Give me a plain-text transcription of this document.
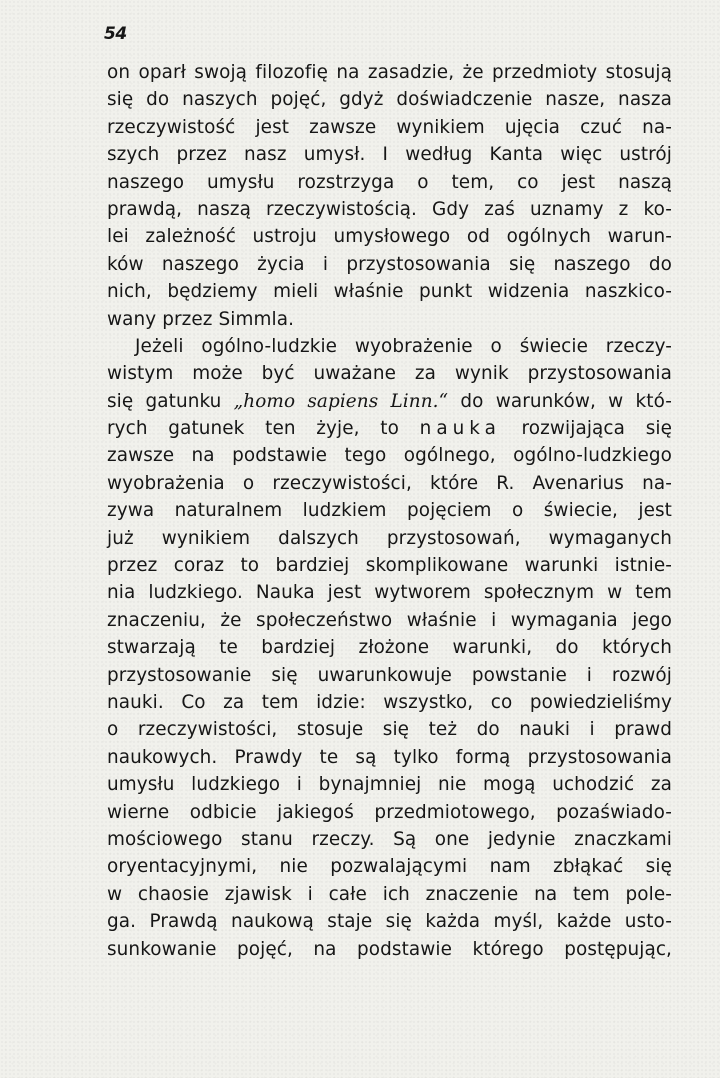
54
on oparł swoją filozofię na zasadzie, że przedmioty stosują
się do naszych pojęć, gdyż doświadczenie nasze, nasza
rzeczywistość jest zawsze wynikiem ujęcia czuć na-
szych przez nasz umysł. I według Kanta więc ustrój
naszego umysłu rozstrzyga o tem, co jest naszą
prawdą, naszą rzeczywistością. Gdy zaś uznamy z ko-
lei zależność ustroju umysłowego od ogólnych warun-
ków naszego życia i przystosowania się naszego do
nich, będziemy mieli właśnie punkt widzenia naszkico-
wany przez Simmla.
Jeżeli ogólno-ludzkie wyobrażenie o świecie rzeczy-
wistym może być uważane za wynik przystosowania
się gatunku „homo sapiens Linn.“ do warunków, w któ-
rych gatunek ten żyje, to nauka rozwijająca się
zawsze na podstawie tego ogólnego, ogólno-ludzkiego
wyobrażenia o rzeczywistości, które R. Avenarius na-
zywa naturalnem ludzkiem pojęciem o świecie, jest
już wynikiem dalszych przystosowań, wymaganych
przez coraz to bardziej skomplikowane warunki istnie-
nia ludzkiego. Nauka jest wytworem społecznym w tem
znaczeniu, że społeczeństwo właśnie i wymagania jego
stwarzają te bardziej złożone warunki, do których
przystosowanie się uwarunkowuje powstanie i rozwój
nauki. Co za tem idzie: wszystko, co powiedzieliśmy
o rzeczywistości, stosuje się też do nauki i prawd
naukowych. Prawdy te są tylko formą przystosowania
umysłu ludzkiego i bynajmniej nie mogą uchodzić za
wierne odbicie jakiegoś przedmiotowego, pozaświado-
mościowego stanu rzeczy. Są one jedynie znaczkami
oryentacyjnymi, nie pozwalającymi nam zbłąkać się
w chaosie zjawisk i całe ich znaczenie na tem pole-
ga. Prawdą naukową staje się każda myśl, każde usto-
sunkowanie pojęć, na podstawie którego postępując,
